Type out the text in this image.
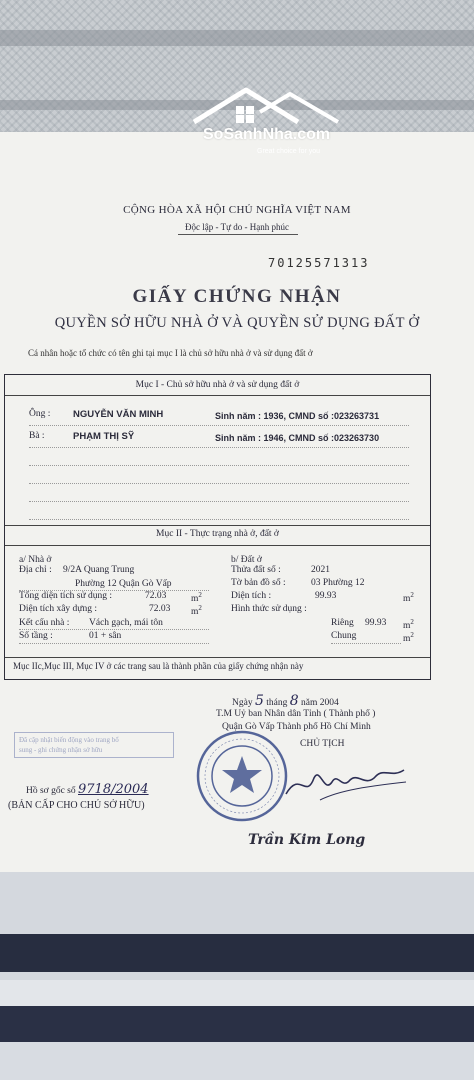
SoSanhNha.com
Great choice for you
CỘNG HÒA XÃ HỘI CHỦ NGHĨA VIỆT NAM
Độc lập - Tự do - Hạnh phúc
70125571313
GIẤY CHỨNG NHẬN
QUYỀN SỞ HỮU NHÀ Ở VÀ QUYỀN SỬ DỤNG ĐẤT Ở
Cá nhân hoặc tổ chức có tên ghi tại mục I là chủ sở hữu nhà ở và sử dụng đất ở
Mục I - Chủ sở hữu nhà ở và sử dụng đất ở
Ông : NGUYỄN VĂN MINH	Sinh năm : 1936, CMND số :023263731
Bà :	PHẠM THỊ SỸ	Sinh năm : 1946, CMND số :023263730
Mục II - Thực trạng nhà ở, đất ở
a/ Nhà ở
Địa chỉ : 9/2A Quang Trung
Phường 12 Quận Gò Vấp
Tổng diện tích sử dụng :	72.03	$m^2$
Diện tích xây dựng :	72.03 $m^2$
Kết cấu nhà : Vách gạch, mái tôn
Số tầng :	01 + sân
b/ Đất ở
Thửa đất số :	2021
Tờ bản đồ số :	03 Phường 12
Diện tích :	99.93	$m^2$
Hình thức sử dụng :
Riêng 99.93 $m^2$
Chung	$m^2$
Mục IIc,Mục III, Mục IV ở các trang sau là thành phần của giấy chứng nhận này
Ngày 5 tháng 8 năm 2004
T.M Uỷ ban Nhân dân Tỉnh ( Thành phố )
Quận Gò Vấp Thành phố Hồ Chí Minh
CHỦ TỊCH
Đã cập nhật biến động vào trang bổ
sung - ghi chứng nhận sở hữu
Trần Kim Long
Hồ sơ gốc số 9718/2004
(BẢN CẤP CHO CHỦ SỞ HỮU)
